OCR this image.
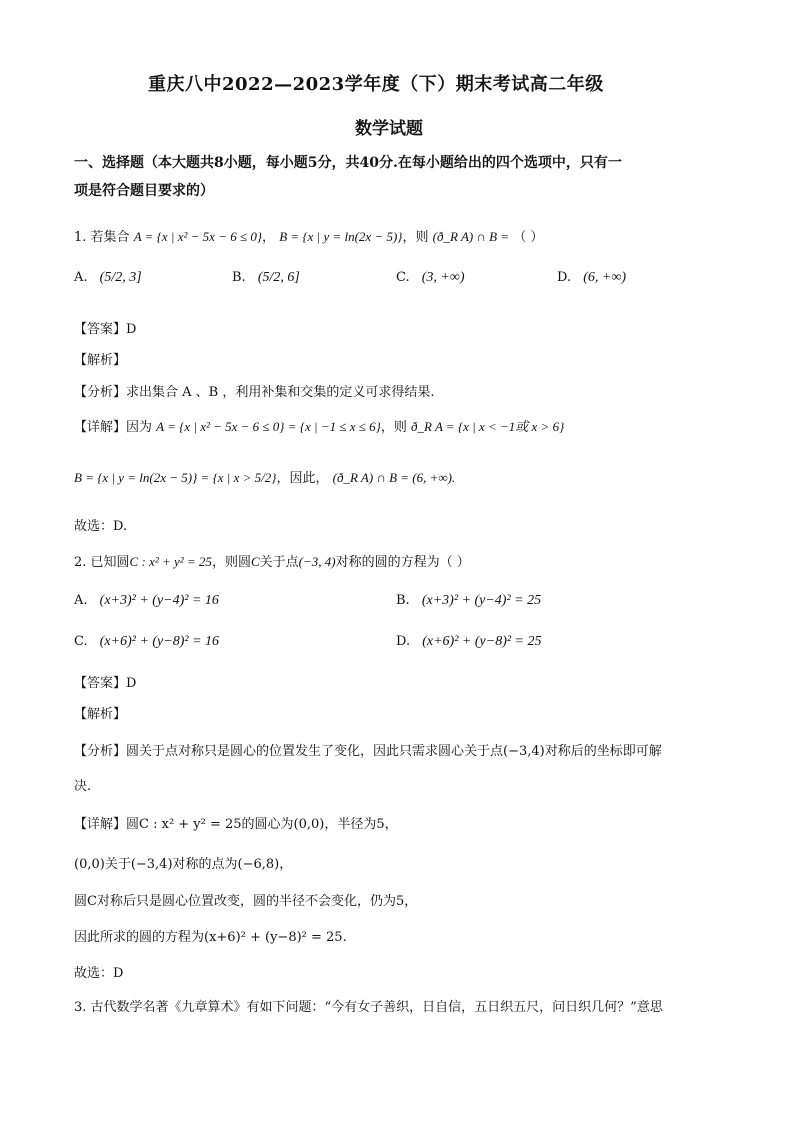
重庆八中2022—2023学年度（下）期末考试高二年级
数学试题
一、选择题（本大题共8小题，每小题5分，共40分.在每小题给出的四个选项中，只有一
项是符合题目要求的）
1. 若集合 A = {x | x² − 5x − 6 ≤ 0}， B = {x | y = ln(2x − 5)}，则 (ð_R A) ∩ B = （ ）
A. (5/2, 3]	B. (5/2, 6]	C. (3, +∞)	D. (6, +∞)
【答案】D
【解析】
【分析】求出集合 A 、B ，利用补集和交集的定义可求得结果.
【详解】因为 A = {x | x² − 5x − 6 ≤ 0} = {x | −1 ≤ x ≤ 6}，则 ð_R A = {x | x < −1或 x > 6}
B = {x | y = ln(2x − 5)} = {x | x > 5/2}，因此， (ð_R A) ∩ B = (6, +∞).
故选：D.
2. 已知圆C : x² + y² = 25，则圆C关于点(−3, 4)对称的圆的方程为（ ）
A. (x+3)² + (y−4)² = 16	B. (x+3)² + (y−4)² = 25
C. (x+6)² + (y−8)² = 16	D. (x+6)² + (y−8)² = 25
【答案】D
【解析】
【分析】圆关于点对称只是圆心的位置发生了变化，因此只需求圆心关于点(−3,4)对称后的坐标即可解
决.
【详解】圆C : x² + y² = 25的圆心为(0,0)，半径为5，
(0,0)关于(−3,4)对称的点为(−6,8)，
圆C对称后只是圆心位置改变，圆的半径不会变化，仍为5，
因此所求的圆的方程为(x+6)² + (y−8)² = 25.
故选：D
3. 古代数学名著《九章算术》有如下问题：“今有女子善织，日自信，五日织五尺，问日织几何？”意思
